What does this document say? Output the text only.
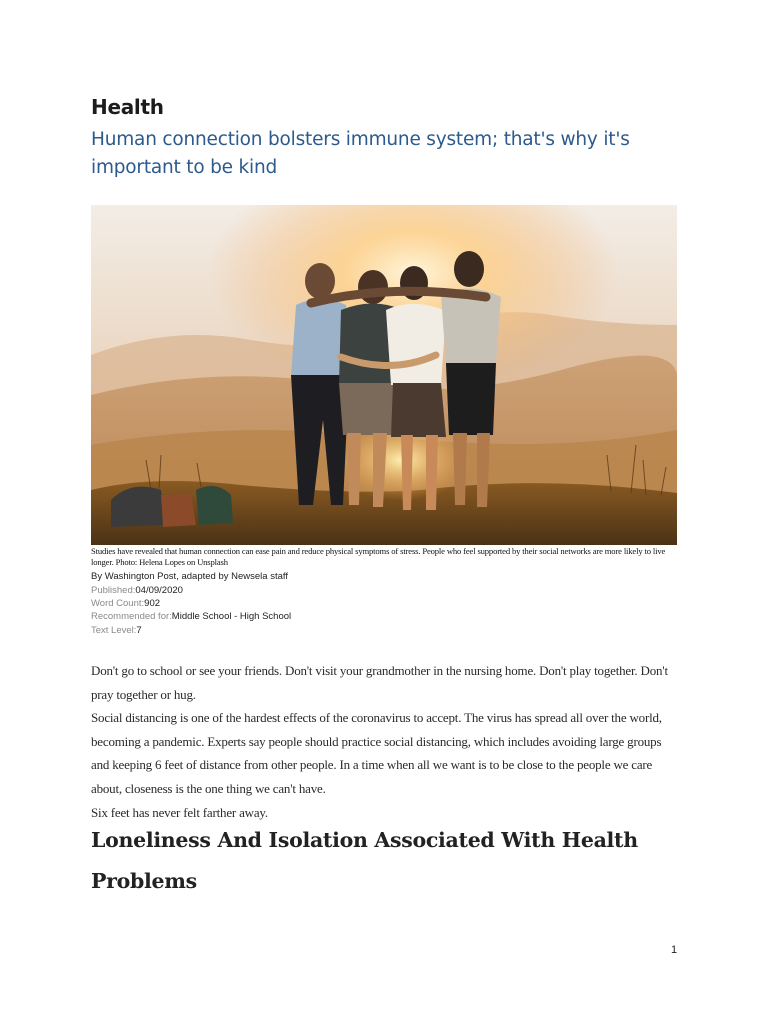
Health
Human connection bolsters immune system; that's why it's important to be kind
Studies have revealed that human connection can ease pain and reduce physical symptoms of stress. People who feel supported by their social networks are more likely to live longer. Photo: Helena Lopes on Unsplash
By Washington Post, adapted by Newsela staff
Published:04/09/2020
Word Count:902
Recommended for:Middle School - High School
Text Level:7

Don't go to school or see your friends. Don't visit your grandmother in the nursing home. Don't play together. Don't pray together or hug.

Social distancing is one of the hardest effects of the coronavirus to accept. The virus has spread all over the world, becoming a pandemic. Experts say people should practice social distancing, which includes avoiding large groups and keeping 6 feet of distance from other people. In a time when all we want is to be close to the people we care about, closeness is the one thing we can't have.

Six feet has never felt farther away.

Loneliness And Isolation Associated With Health Problems
1
